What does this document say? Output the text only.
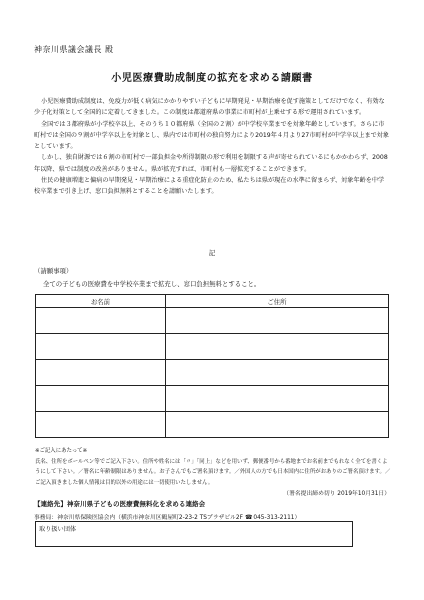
神奈川県議会議長 殿
小児医療費助成制度の拡充を求める請願書

小児医療費助成制度は、免疫力が低く病気にかかりやすい子どもに早期発見・早期治療を促す施策としてだけでなく、有効な少子化対策として全国的に定着してきました。この制度は都道府県の事業に市町村が上乗せする形で運用されています。

全国では３都府県が小学校卒以上、そのうち１０都府県（全国の２割）が中学校卒業までを対象年齢としています。さらに市町村では全国の９割が中学卒以上を対象とし、県内では市町村の独自努力により2019年４月より27市町村が中学卒以上まで対象としています。

しかし、独自財源では６割の市町村で一部負担金や所得制限の形で利用を制限する声が寄せられているにもかかわらず、2008年以降、県では制度の改善がありません。県が拡充すれば、市町村も一層拡充することができます。

住民の健康増進と偏病の早期発見・早期治療による重症化防止のため、私たちは県が現在の水準に留まらず、対象年齢を中学校卒業まで引き上げ、窓口負担無料とすることを請願いたします。

記
（請願事項）
全ての子どもの医療費を中学校卒業まで拡充し、窓口負担無料とすること。
お名前	ご住所

※ご記入にあたって※

氏名、住所をボールペン等でご記入下さい。住所や姓名には「〃」「同上」などを用いず、郵便番号から番地までお名前までもれなく全てを書くようにして下さい。／署名に年齢制限はありません。お子さんでもご署名頂けます。／外国人の方でも日本国内に住所がおありのご署名頂けます。／ご記入頂きました個人情報は目的以外の用途には一切使用いたしません。

（署名提出締め切り 2019年10月31日）
【連絡先】神奈川県子どもの医療費無料化を求める連絡会
事務局：神奈川県保険医協会内（横浜市神奈川区鶴屋町2-23-2 TSプラザビル2F ☎045-313-2111）
取り扱い団体
